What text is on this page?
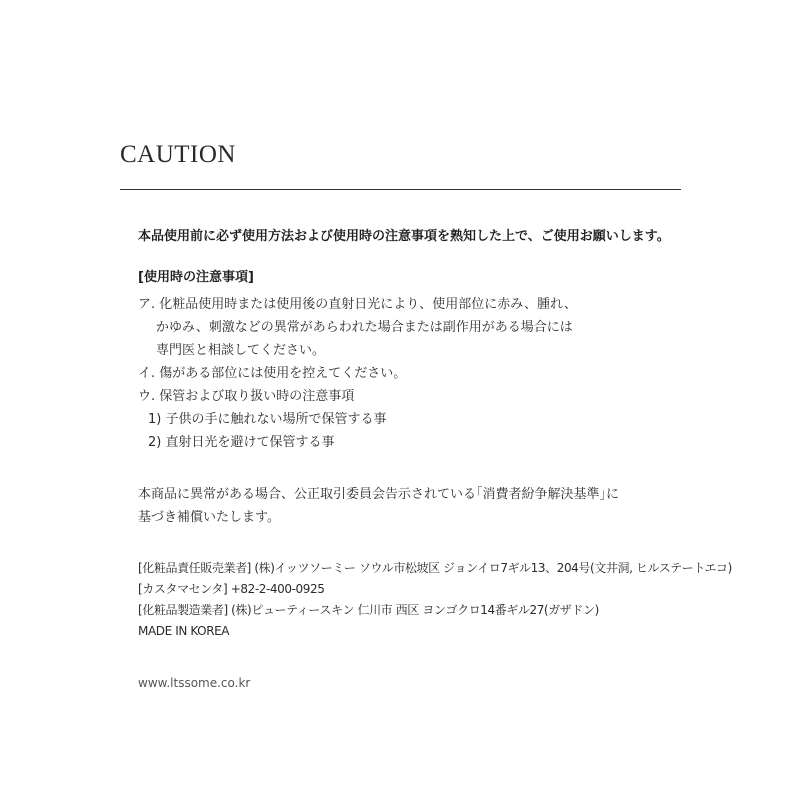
CAUTION
本品使用前に必ず使用方法および使用時の注意事項を熟知した上で、ご使用お願いします。
[使用時の注意事項]
ア. 化粧品使用時または使用後の直射日光により、使用部位に赤み、腫れ、
かゆみ、刺激などの異常があらわれた場合または副作用がある場合には
専門医と相談してください。
イ. 傷がある部位には使用を控えてください。
ウ. 保管および取り扱い時の注意事項
1) 子供の手に触れない場所で保管する事
2) 直射日光を避けて保管する事
本商品に異常がある場合、公正取引委員会告示されている｢消費者紛争解決基準｣に
基づき補償いたします。
[化粧品責任販売業者] (株)イッツソーミー ソウル市松坡区 ジョンイロ7ギル13、204号(文井洞, ヒルステートエコ)
[カスタマセンタ] +82-2-400-0925
[化粧品製造業者] (株)ピューティースキン 仁川市 西区 ヨンゴクロ14番ギル27(ガザドン)
MADE IN KOREA
www.ltssome.co.kr
